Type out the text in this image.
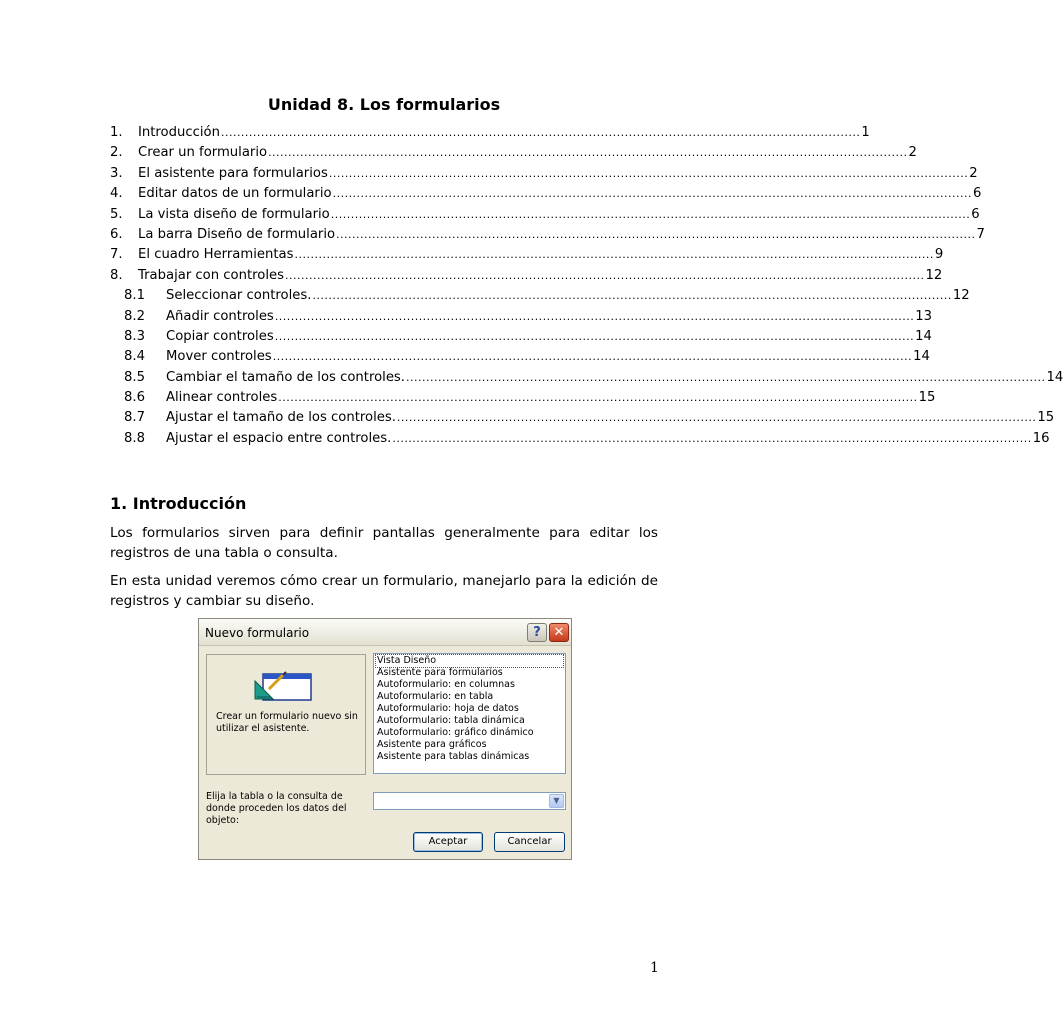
Unidad 8. Los formularios
1.	Introducción ................................................................................................................................................................ 1
2.	Crear un formulario ................................................................................................................................................................ 2
3.	El asistente para formularios ................................................................................................................................................................ 2
4.	Editar datos de un formulario ................................................................................................................................................................ 6
5.	La vista diseño de formulario ................................................................................................................................................................ 6
6.	La barra Diseño de formulario ................................................................................................................................................................ 7
7.	El cuadro Herramientas ................................................................................................................................................................ 9
8.	Trabajar con controles ................................................................................................................................................................ 12
8.1	Seleccionar controles. ................................................................................................................................................................ 12
8.2	Añadir controles ................................................................................................................................................................ 13
8.3	Copiar controles ................................................................................................................................................................ 14
8.4	Mover controles ................................................................................................................................................................ 14
8.5	Cambiar el tamaño de los controles. ................................................................................................................................................................ 14
8.6	Alinear controles ................................................................................................................................................................ 15
8.7	Ajustar el tamaño de los controles. ................................................................................................................................................................ 15
8.8	Ajustar el espacio entre controles. ................................................................................................................................................................ 16
1. Introducción
Los formularios sirven para definir pantallas generalmente para editar los registros de una tabla o consulta.
En esta unidad veremos cómo crear un formulario, manejarlo para la edición de registros y cambiar su diseño.
Nuevo formulario	? ✕
Crear un formulario nuevo sin utilizar el asistente.
Vista Diseño
Asistente para formularios
Autoformulario: en columnas
Autoformulario: en tabla
Autoformulario: hoja de datos
Autoformulario: tabla dinámica
Autoformulario: gráfico dinámico
Asistente para gráficos
Asistente para tablas dinámicas
Elija la tabla o la consulta de donde proceden los datos del objeto:
▼
Aceptar	Cancelar
1
